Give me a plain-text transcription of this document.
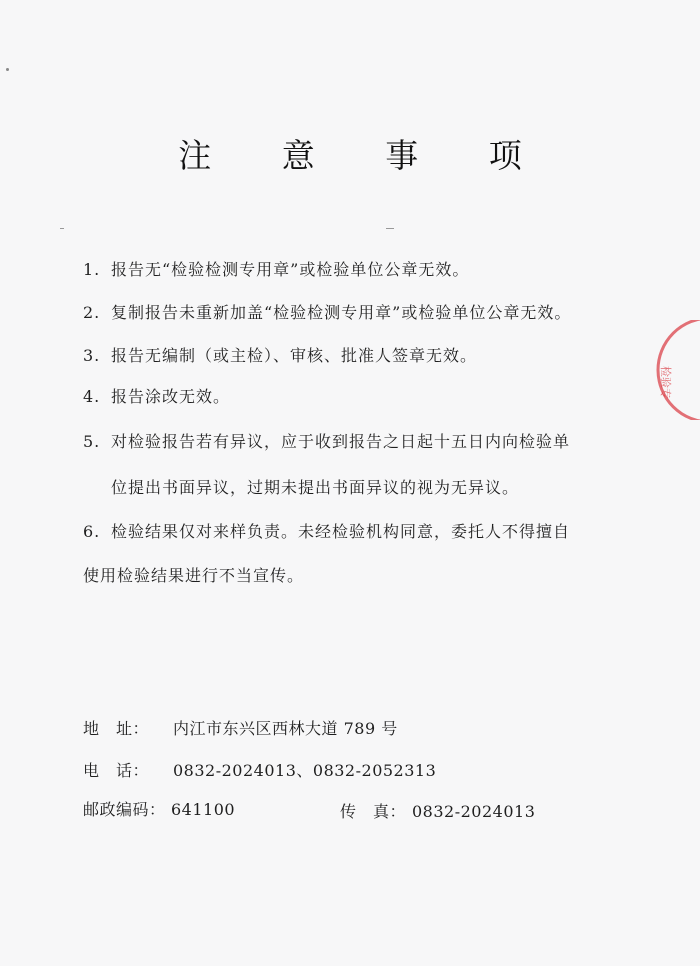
注 意 事 项
1. 报告无“检验检测专用章”或检验单位公章无效。
2. 复制报告未重新加盖“检验检测专用章”或检验单位公章无效。
3. 报告无编制（或主检）、审核、批准人签章无效。
4. 报告涂改无效。
5. 对检验报告若有异议，应于收到报告之日起十五日内向检验单
位提出书面异议，过期未提出书面异议的视为无异议。
6. 检验结果仅对来样负责。未经检验机构同意，委托人不得擅自
使用检验结果进行不当宣传。
地　址： 内江市东兴区西林大道 789 号
电　话： 0832-2024013、0832-2052313
邮政编码： 641100	传　真： 0832-2024013
检验专
